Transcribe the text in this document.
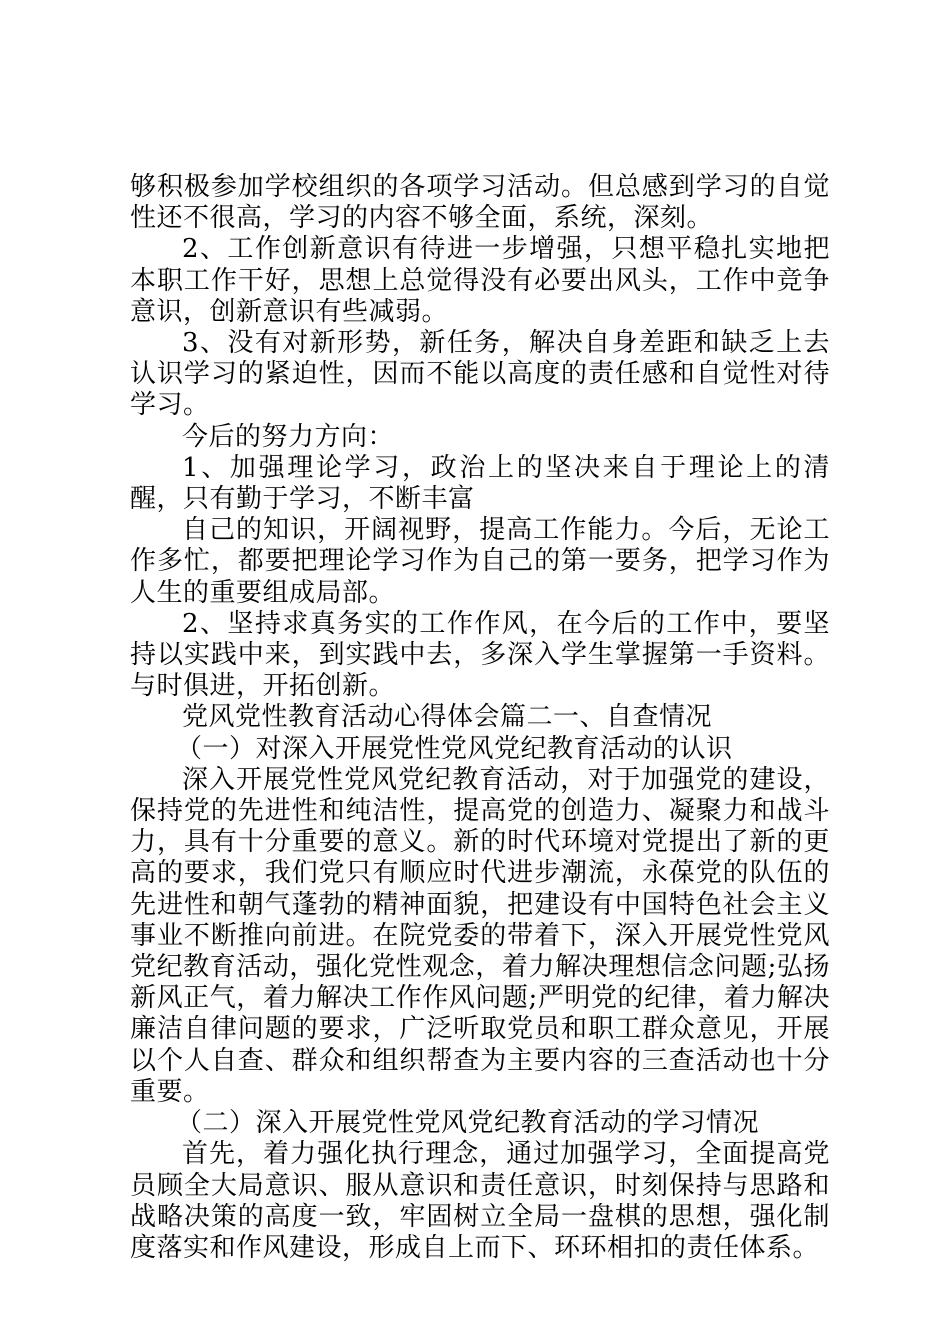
够积极参加学校组织的各项学习活动。但总感到学习的自觉性还不很高，学习的内容不够全面，系统，深刻。

2、工作创新意识有待进一步增强，只想平稳扎实地把本职工作干好，思想上总觉得没有必要出风头，工作中竞争意识，创新意识有些减弱。

3、没有对新形势，新任务，解决自身差距和缺乏上去认识学习的紧迫性，因而不能以高度的责任感和自觉性对待学习。

今后的努力方向：

1、加强理论学习，政治上的坚决来自于理论上的清醒，只有勤于学习，不断丰富

自己的知识，开阔视野，提高工作能力。今后，无论工作多忙，都要把理论学习作为自己的第一要务，把学习作为人生的重要组成局部。

2、坚持求真务实的工作作风，在今后的工作中，要坚持以实践中来，到实践中去，多深入学生掌握第一手资料。与时俱进，开拓创新。

党风党性教育活动心得体会篇二一、自查情况

（一）对深入开展党性党风党纪教育活动的认识

深入开展党性党风党纪教育活动，对于加强党的建设，保持党的先进性和纯洁性，提高党的创造力、凝聚力和战斗力，具有十分重要的意义。新的时代环境对党提出了新的更高的要求，我们党只有顺应时代进步潮流，永葆党的队伍的先进性和朝气蓬勃的精神面貌，把建设有中国特色社会主义事业不断推向前进。在院党委的带着下，深入开展党性党风党纪教育活动，强化党性观念，着力解决理想信念问题;弘扬新风正气，着力解决工作作风问题;严明党的纪律，着力解决廉洁自律问题的要求，广泛听取党员和职工群众意见，开展以个人自查、群众和组织帮查为主要内容的三查活动也十分重要。

（二）深入开展党性党风党纪教育活动的学习情况

首先，着力强化执行理念，通过加强学习，全面提高党员顾全大局意识、服从意识和责任意识，时刻保持与思路和战略决策的高度一致，牢固树立全局一盘棋的思想，强化制度落实和作风建设，形成自上而下、环环相扣的责任体系。
